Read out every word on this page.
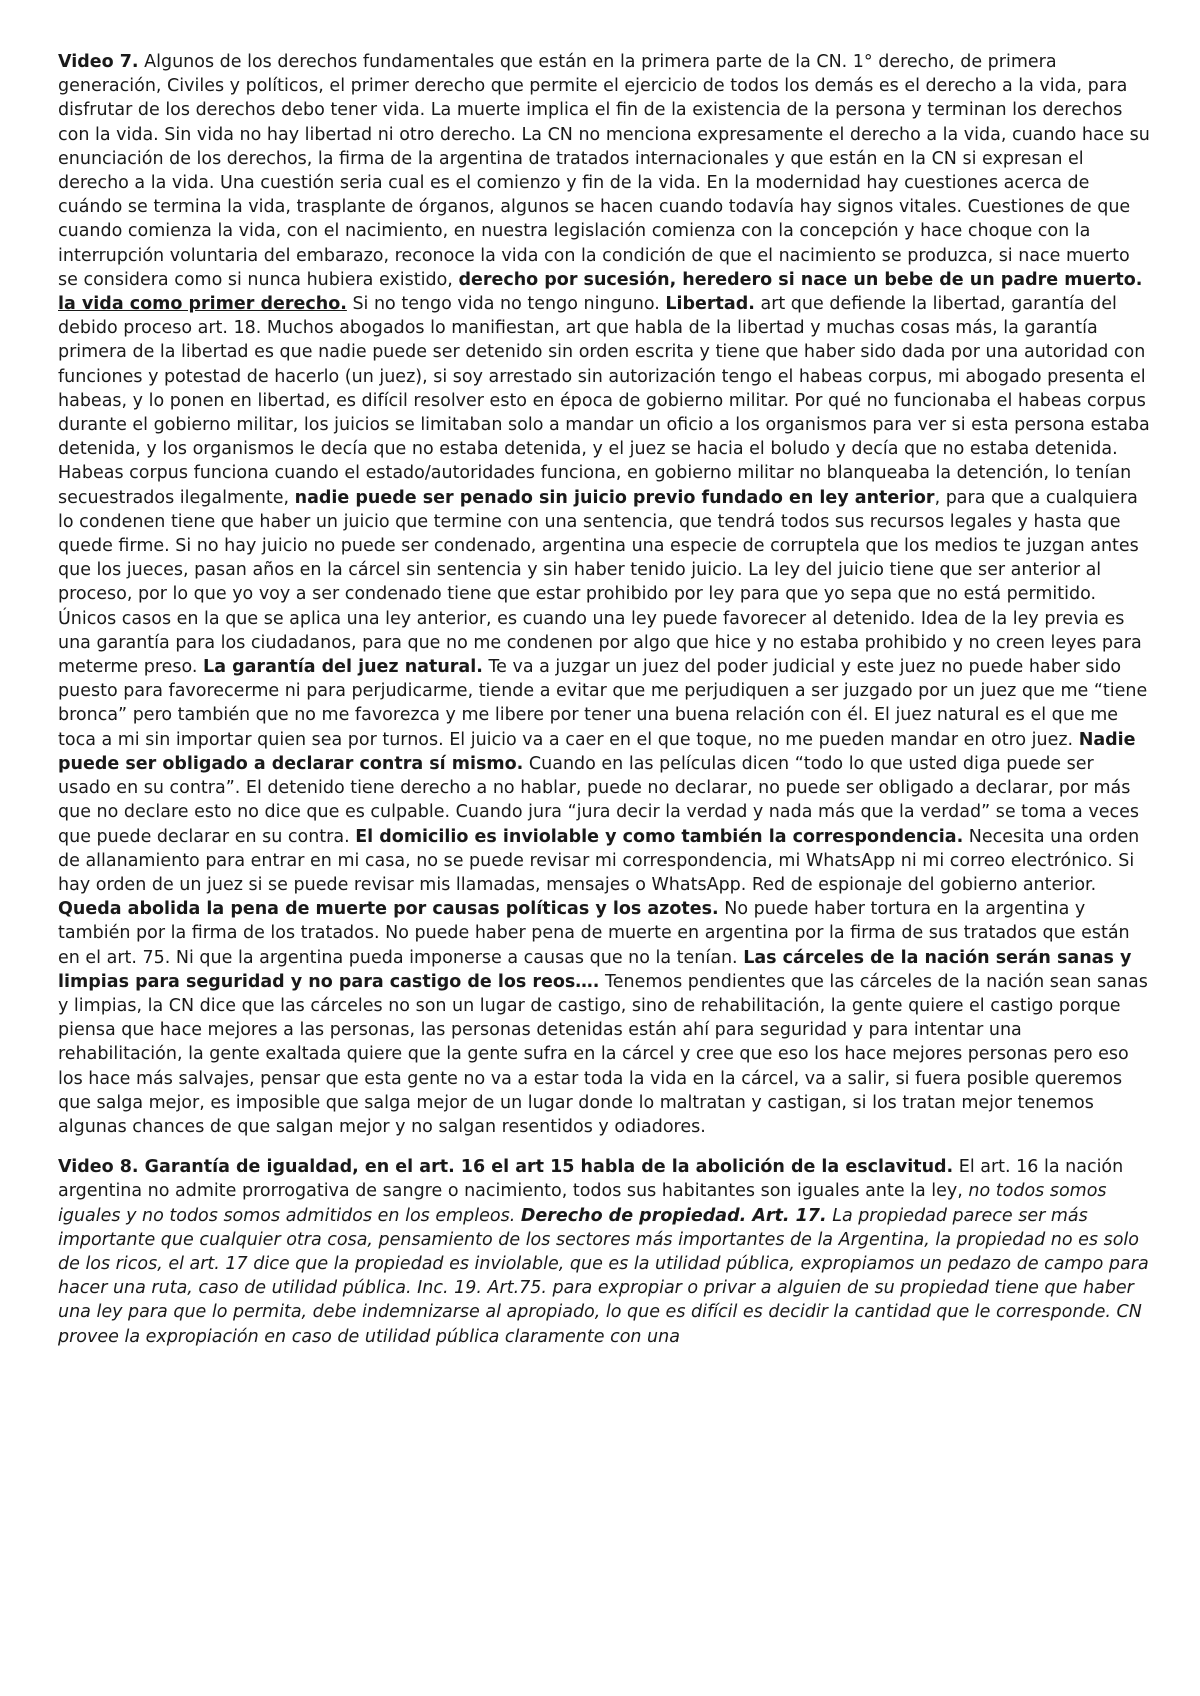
Video 7. Algunos de los derechos fundamentales que están en la primera parte de la CN. 1° derecho, de primera generación, Civiles y políticos, el primer derecho que permite el ejercicio de todos los demás es el derecho a la vida, para disfrutar de los derechos debo tener vida. La muerte implica el fin de la existencia de la persona y terminan los derechos con la vida. Sin vida no hay libertad ni otro derecho. La CN no menciona expresamente el derecho a la vida, cuando hace su enunciación de los derechos, la firma de la argentina de tratados internacionales y que están en la CN si expresan el derecho a la vida. Una cuestión seria cual es el comienzo y fin de la vida. En la modernidad hay cuestiones acerca de cuándo se termina la vida, trasplante de órganos, algunos se hacen cuando todavía hay signos vitales. Cuestiones de que cuando comienza la vida, con el nacimiento, en nuestra legislación comienza con la concepción y hace choque con la interrupción voluntaria del embarazo, reconoce la vida con la condición de que el nacimiento se produzca, si nace muerto se considera como si nunca hubiera existido, derecho por sucesión, heredero si nace un bebe de un padre muerto. la vida como primer derecho. Si no tengo vida no tengo ninguno. Libertad. art que defiende la libertad, garantía del debido proceso art. 18. Muchos abogados lo manifiestan, art que habla de la libertad y muchas cosas más, la garantía primera de la libertad es que nadie puede ser detenido sin orden escrita y tiene que haber sido dada por una autoridad con funciones y potestad de hacerlo (un juez), si soy arrestado sin autorización tengo el habeas corpus, mi abogado presenta el habeas, y lo ponen en libertad, es difícil resolver esto en época de gobierno militar. Por qué no funcionaba el habeas corpus durante el gobierno militar, los juicios se limitaban solo a mandar un oficio a los organismos para ver si esta persona estaba detenida, y los organismos le decía que no estaba detenida, y el juez se hacia el boludo y decía que no estaba detenida. Habeas corpus funciona cuando el estado/autoridades funciona, en gobierno militar no blanqueaba la detención, lo tenían secuestrados ilegalmente, nadie puede ser penado sin juicio previo fundado en ley anterior, para que a cualquiera lo condenen tiene que haber un juicio que termine con una sentencia, que tendrá todos sus recursos legales y hasta que quede firme. Si no hay juicio no puede ser condenado, argentina una especie de corruptela que los medios te juzgan antes que los jueces, pasan años en la cárcel sin sentencia y sin haber tenido juicio. La ley del juicio tiene que ser anterior al proceso, por lo que yo voy a ser condenado tiene que estar prohibido por ley para que yo sepa que no está permitido. Únicos casos en la que se aplica una ley anterior, es cuando una ley puede favorecer al detenido. Idea de la ley previa es una garantía para los ciudadanos, para que no me condenen por algo que hice y no estaba prohibido y no creen leyes para meterme preso. La garantía del juez natural. Te va a juzgar un juez del poder judicial y este juez no puede haber sido puesto para favorecerme ni para perjudicarme, tiende a evitar que me perjudiquen a ser juzgado por un juez que me “tiene bronca” pero también que no me favorezca y me libere por tener una buena relación con él. El juez natural es el que me toca a mi sin importar quien sea por turnos. El juicio va a caer en el que toque, no me pueden mandar en otro juez. Nadie puede ser obligado a declarar contra sí mismo. Cuando en las películas dicen “todo lo que usted diga puede ser usado en su contra”. El detenido tiene derecho a no hablar, puede no declarar, no puede ser obligado a declarar, por más que no declare esto no dice que es culpable. Cuando jura “jura decir la verdad y nada más que la verdad” se toma a veces que puede declarar en su contra. El domicilio es inviolable y como también la correspondencia. Necesita una orden de allanamiento para entrar en mi casa, no se puede revisar mi correspondencia, mi WhatsApp ni mi correo electrónico. Si hay orden de un juez si se puede revisar mis llamadas, mensajes o WhatsApp. Red de espionaje del gobierno anterior. Queda abolida la pena de muerte por causas políticas y los azotes. No puede haber tortura en la argentina y también por la firma de los tratados. No puede haber pena de muerte en argentina por la firma de sus tratados que están en el art. 75. Ni que la argentina pueda imponerse a causas que no la tenían. Las cárceles de la nación serán sanas y limpias para seguridad y no para castigo de los reos…. Tenemos pendientes que las cárceles de la nación sean sanas y limpias, la CN dice que las cárceles no son un lugar de castigo, sino de rehabilitación, la gente quiere el castigo porque piensa que hace mejores a las personas, las personas detenidas están ahí para seguridad y para intentar una rehabilitación, la gente exaltada quiere que la gente sufra en la cárcel y cree que eso los hace mejores personas pero eso los hace más salvajes, pensar que esta gente no va a estar toda la vida en la cárcel, va a salir, si fuera posible queremos que salga mejor, es imposible que salga mejor de un lugar donde lo maltratan y castigan, si los tratan mejor tenemos algunas chances de que salgan mejor y no salgan resentidos y odiadores.

Video 8. Garantía de igualdad, en el art. 16 el art 15 habla de la abolición de la esclavitud. El art. 16 la nación argentina no admite prorrogativa de sangre o nacimiento, todos sus habitantes son iguales ante la ley, no todos somos iguales y no todos somos admitidos en los empleos. Derecho de propiedad. Art. 17. La propiedad parece ser más importante que cualquier otra cosa, pensamiento de los sectores más importantes de la Argentina, la propiedad no es solo de los ricos, el art. 17 dice que la propiedad es inviolable, que es la utilidad pública, expropiamos un pedazo de campo para hacer una ruta, caso de utilidad pública. Inc. 19. Art.75. para expropiar o privar a alguien de su propiedad tiene que haber una ley para que lo permita, debe indemnizarse al apropiado, lo que es difícil es decidir la cantidad que le corresponde. CN provee la expropiación en caso de utilidad pública claramente con una
